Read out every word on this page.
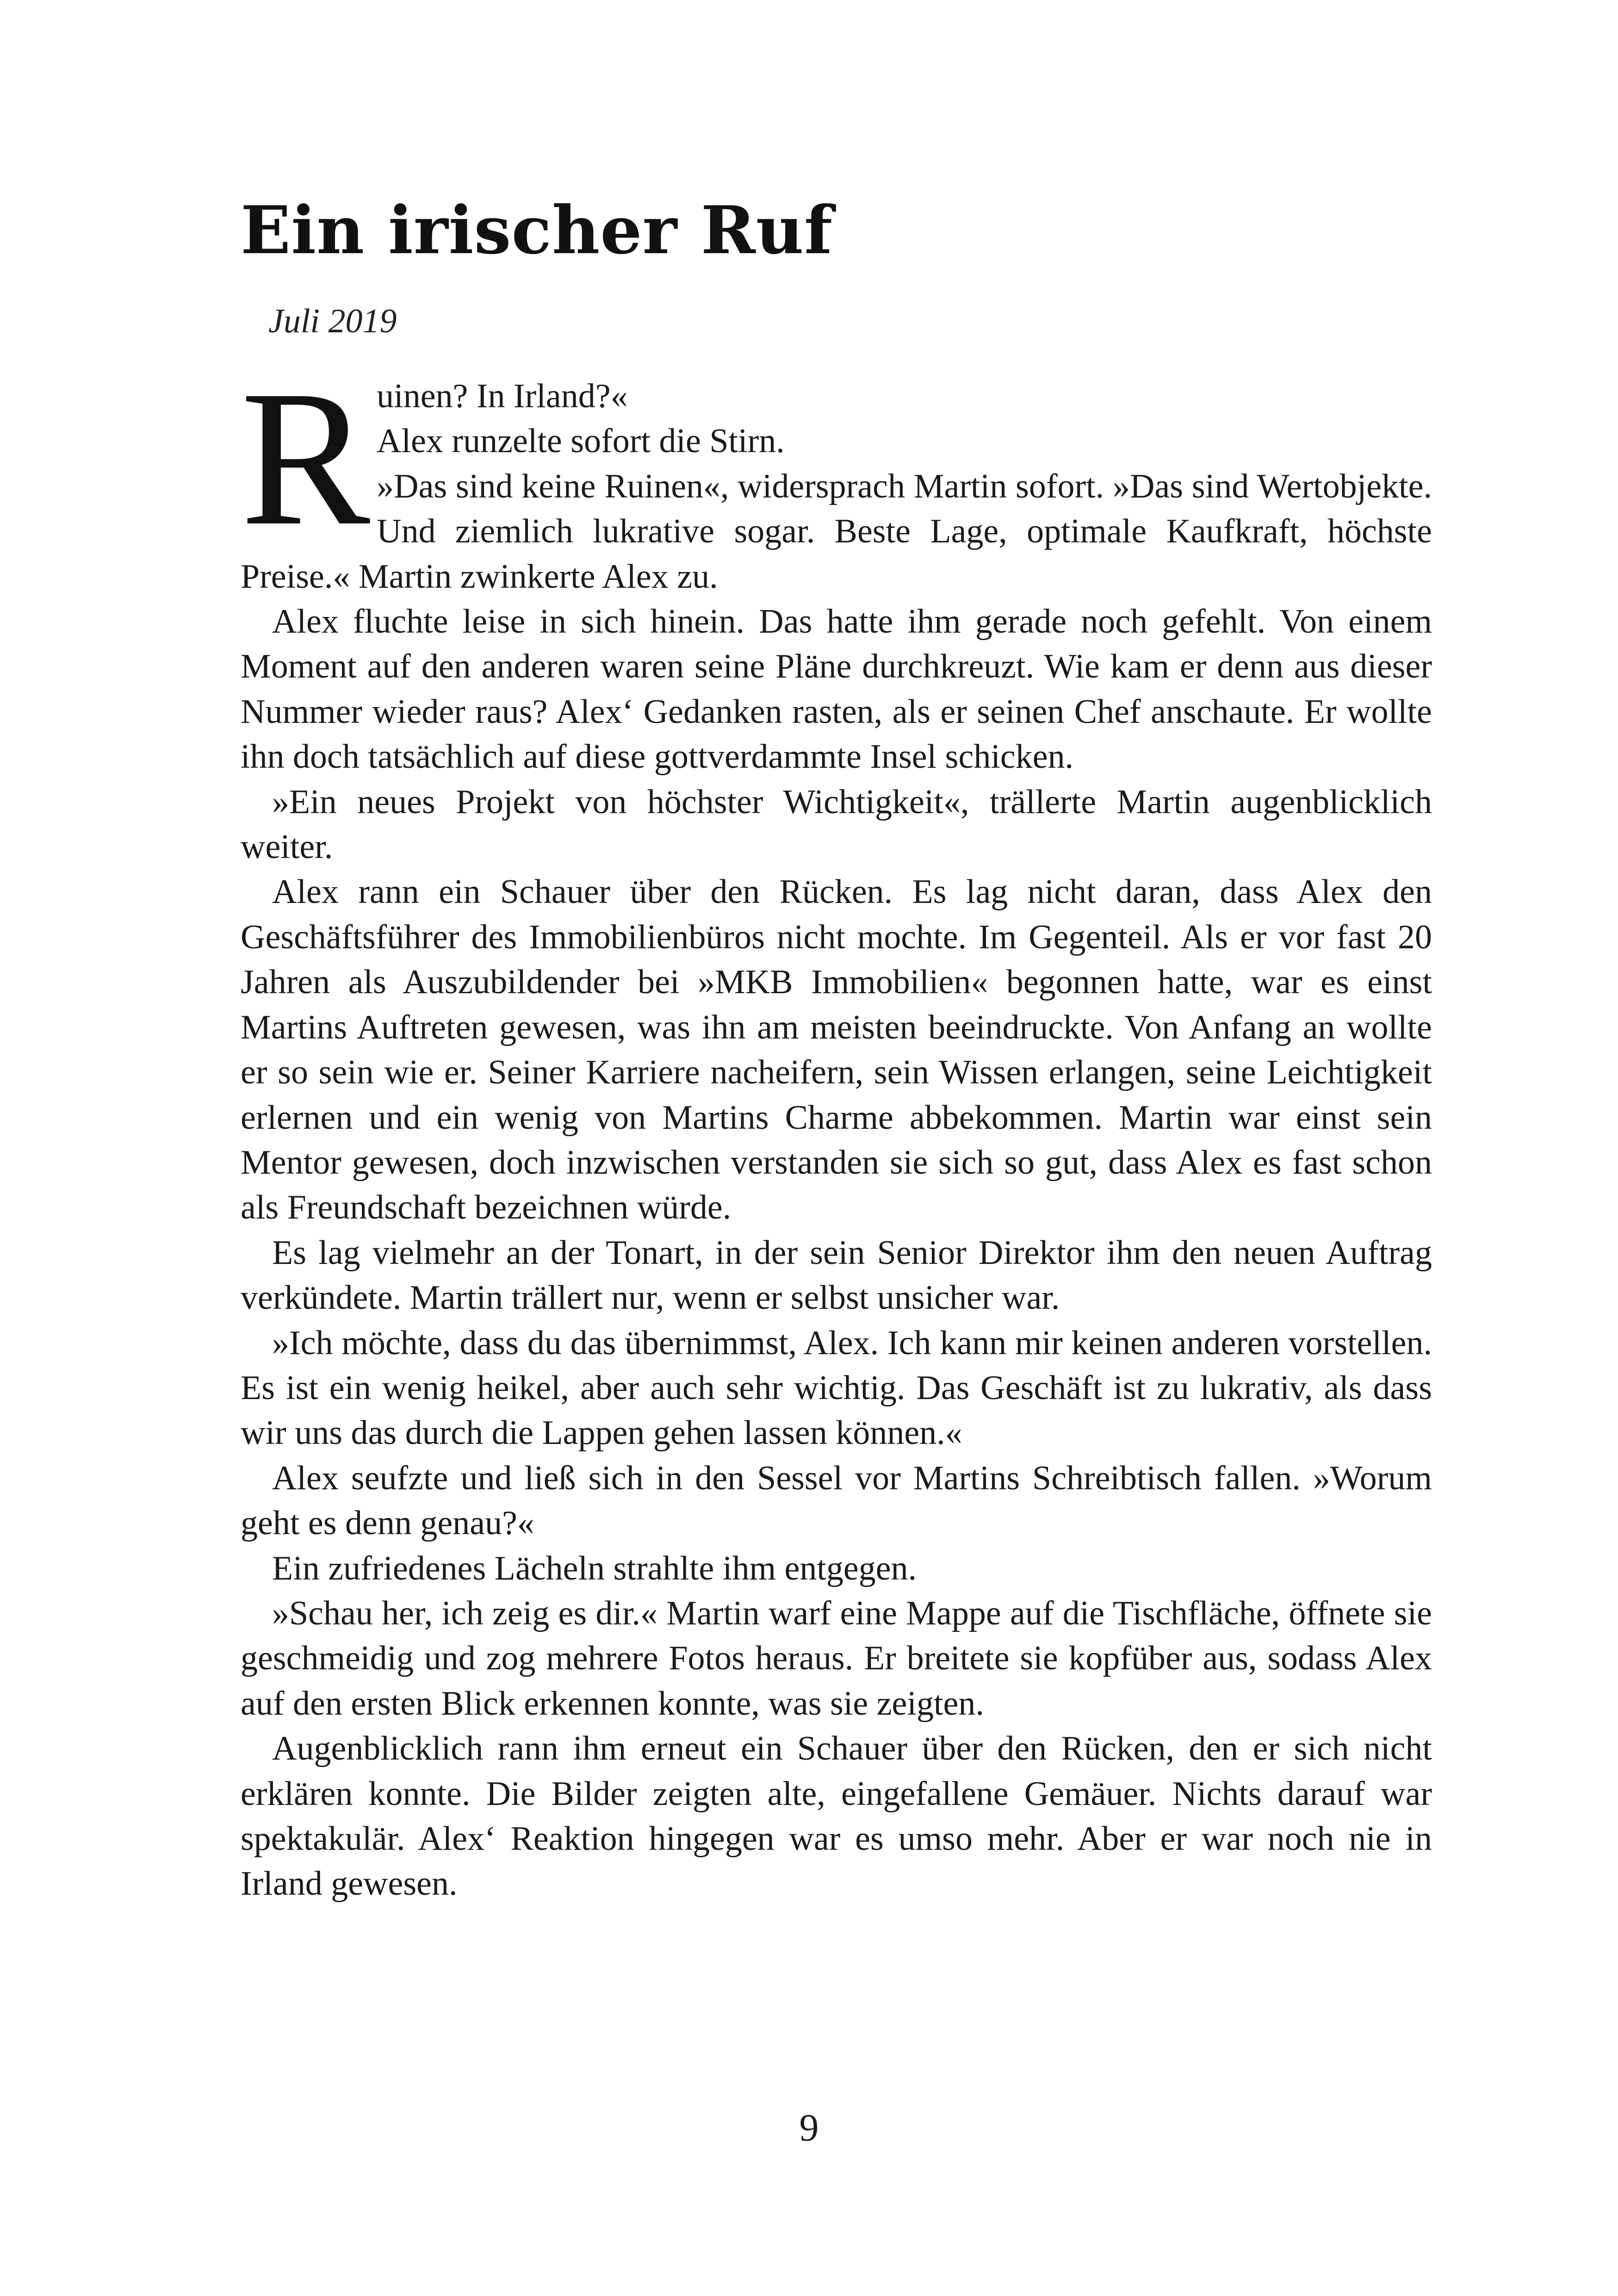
Ein irischer Ruf

Juli 2019

Ruinen? In Irland?«

Alex runzelte sofort die Stirn.

»Das sind keine Ruinen«, widersprach Martin sofort. »Das sind Wertobjekte. Und ziemlich lukrative sogar. Beste Lage, optimale Kaufkraft, höchste Preise.« Martin zwinkerte Alex zu.

Alex fluchte leise in sich hinein. Das hatte ihm gerade noch gefehlt. Von einem Moment auf den anderen waren seine Pläne durchkreuzt. Wie kam er denn aus dieser Nummer wieder raus? Alex‘ Gedanken rasten, als er seinen Chef anschaute. Er wollte ihn doch tatsächlich auf diese gottverdammte Insel schicken.

»Ein neues Projekt von höchster Wichtigkeit«, trällerte Martin augenblicklich weiter.

Alex rann ein Schauer über den Rücken. Es lag nicht daran, dass Alex den Geschäftsführer des Immobilienbüros nicht mochte. Im Gegenteil. Als er vor fast 20 Jahren als Auszubildender bei »MKB Immobilien« begonnen hatte, war es einst Martins Auftreten gewesen, was ihn am meisten beeindruckte. Von Anfang an wollte er so sein wie er. Seiner Karriere nacheifern, sein Wissen erlangen, seine Leichtigkeit erlernen und ein wenig von Martins Charme abbekommen. Martin war einst sein Mentor gewesen, doch inzwischen verstanden sie sich so gut, dass Alex es fast schon als Freundschaft bezeichnen würde.

Es lag vielmehr an der Tonart, in der sein Senior Direktor ihm den neuen Auftrag verkündete. Martin trällert nur, wenn er selbst unsicher war.

»Ich möchte, dass du das übernimmst, Alex. Ich kann mir keinen anderen vorstellen. Es ist ein wenig heikel, aber auch sehr wichtig. Das Geschäft ist zu lukrativ, als dass wir uns das durch die Lappen gehen lassen können.«

Alex seufzte und ließ sich in den Sessel vor Martins Schreibtisch fallen. »Worum geht es denn genau?«

Ein zufriedenes Lächeln strahlte ihm entgegen.

»Schau her, ich zeig es dir.« Martin warf eine Mappe auf die Tischfläche, öffnete sie geschmeidig und zog mehrere Fotos heraus. Er breitete sie kopfüber aus, sodass Alex auf den ersten Blick erkennen konnte, was sie zeigten.

Augenblicklich rann ihm erneut ein Schauer über den Rücken, den er sich nicht erklären konnte. Die Bilder zeigten alte, eingefallene Gemäuer. Nichts darauf war spektakulär. Alex‘ Reaktion hingegen war es umso mehr. Aber er war noch nie in Irland gewesen.

9
